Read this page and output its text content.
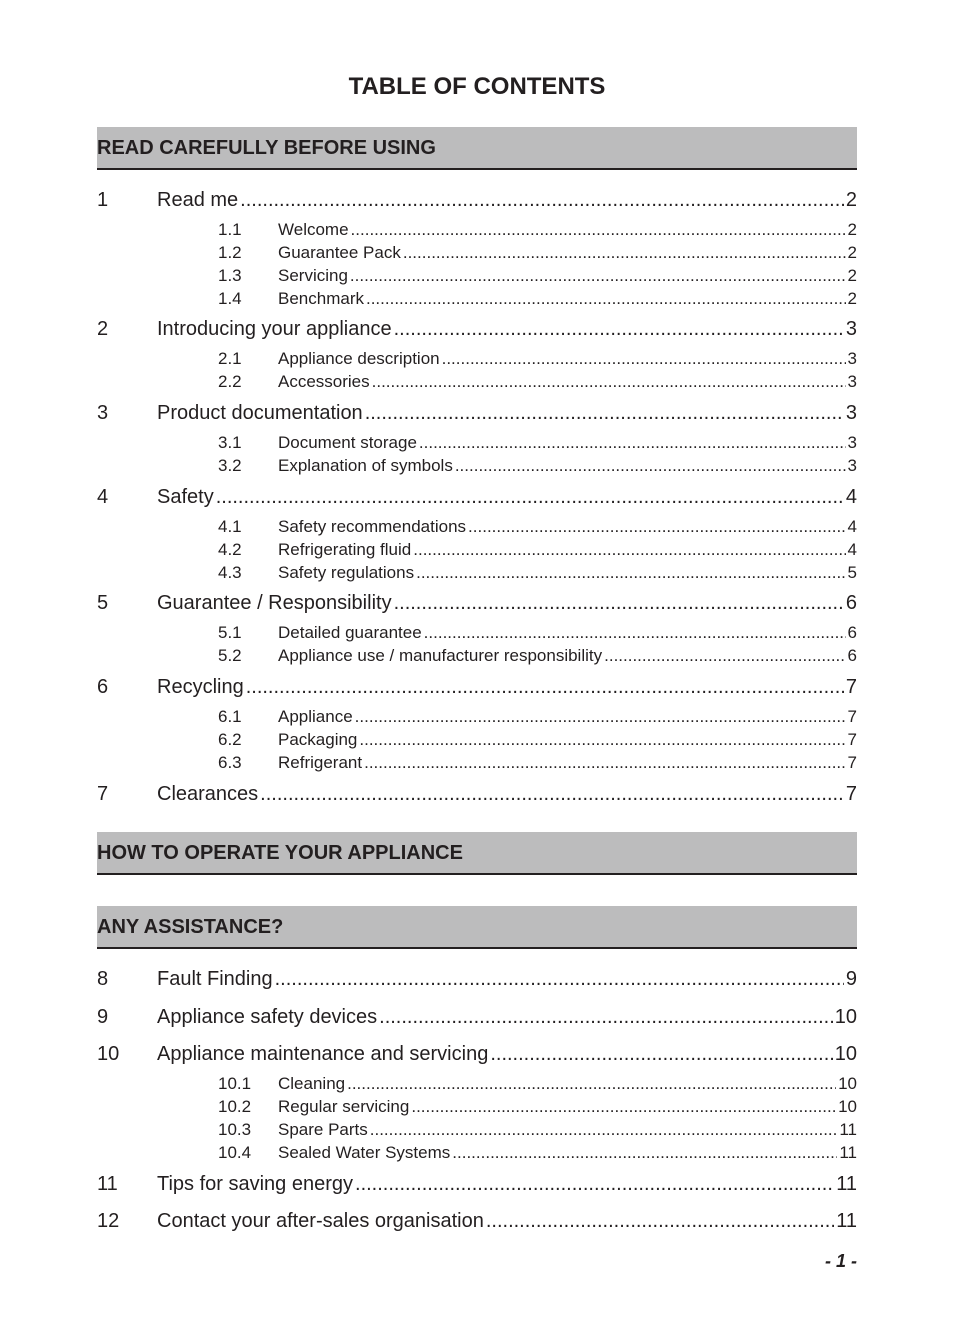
TABLE OF CONTENTS
READ CAREFULLY BEFORE USING
1	Read me .....	2
1.1	Welcome .....	2
1.2	Guarantee Pack .....	2
1.3	Servicing .....	2
1.4	Benchmark .....	2
2	Introducing your appliance .....	3
2.1	Appliance description .....	3
2.2	Accessories .....	3
3	Product documentation .....	3
3.1	Document storage .....	3
3.2	Explanation of symbols .....	3
4	Safety .....	4
4.1	Safety recommendations .....	4
4.2	Refrigerating fluid .....	4
4.3	Safety regulations .....	5
5	Guarantee / Responsibility .....	6
5.1	Detailed guarantee .....	6
5.2	Appliance use / manufacturer responsibility .....	6
6	Recycling .....	7
6.1	Appliance .....	7
6.2	Packaging .....	7
6.3	Refrigerant .....	7
7	Clearances .....	7
HOW TO OPERATE YOUR APPLIANCE
ANY ASSISTANCE?
8	Fault Finding .....	9
9	Appliance safety devices .....	10
10	Appliance maintenance and servicing .....	10
10.1	Cleaning .....	10
10.2	Regular servicing .....	10
10.3	Spare Parts .....	11
10.4	Sealed Water Systems .....	11
11	Tips for saving energy .....	11
12	Contact your after-sales organisation .....	11
- 1 -
